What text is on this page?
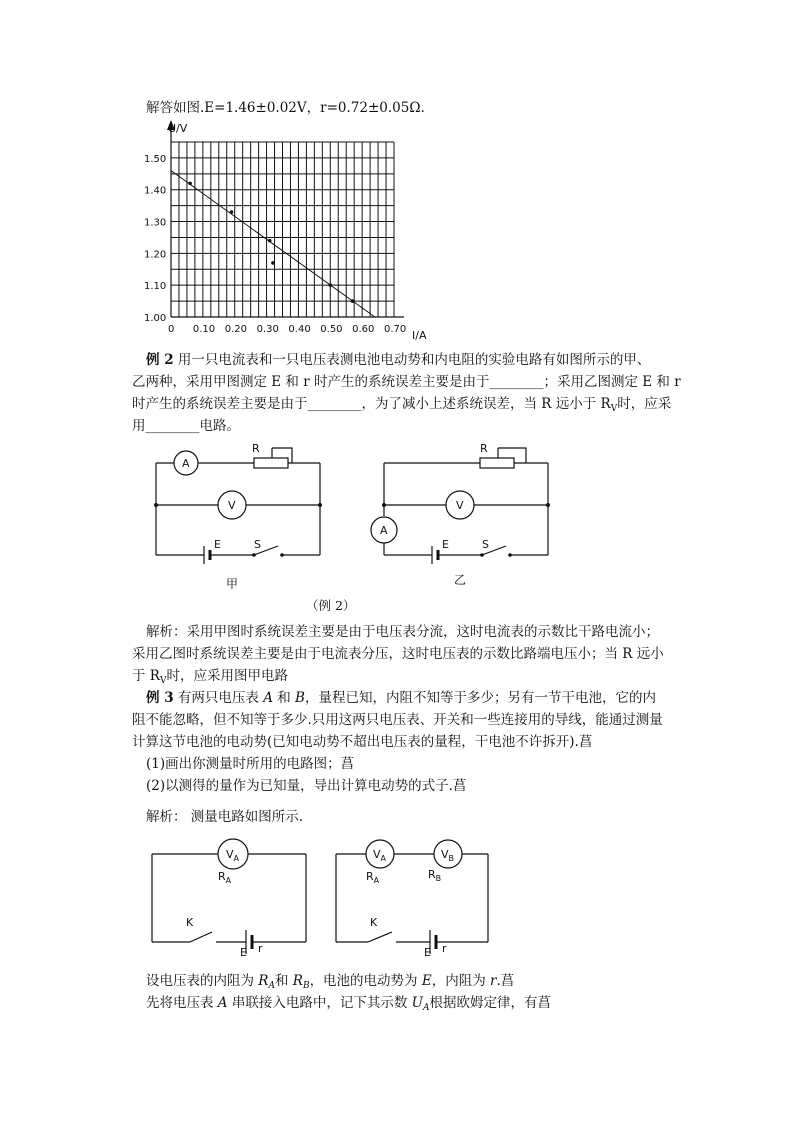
解答如图.E=1.46±0.02V，r=0.72±0.05Ω.
1.00
1.10
1.20
1.30
1.40
1.50
0 0.10 0.20 0.30 0.40 0.50 0.60 0.70
U/V
I/A
例 2 用一只电流表和一只电压表测电池电动势和内电阻的实验电路有如图所示的甲、
乙两种，采用甲图测定 E 和 r 时产生的系统误差主要是由于________；采用乙图测定 E 和 r
时产生的系统误差主要是由于________，为了减小上述系统误差，当 R 远小于 $R_V$时，应采
用________电路。
A
V
R
E	S
甲
A
V
R
E	S
乙
（例 2）
解析：采用甲图时系统误差主要是由于电压表分流，这时电流表的示数比干路电流小；
采用乙图时系统误差主要是由于电流表分压，这时电压表的示数比路端电压小；当 R 远小
于 $R_V$时，应采用图甲电路
例 3 有两只电压表 A 和 B，量程已知，内阻不知等于多少；另有一节干电池，它的内
阻不能忽略，但不知等于多少.只用这两只电压表、开关和一些连接用的导线，能通过测量
计算这节电池的电动势(已知电动势不超出电压表的量程，干电池不许拆开).菖
(1)画出你测量时所用的电路图；菖
(2)以测得的量作为已知量，导出计算电动势的式子.菖
解析： 测量电路如图所示.
$V_A$
$R_A$
K
E r
$V_A$	$V_B$
$R_A$	$R_B$
K
E r
设电压表的内阻为 $R_A$和 $R_B$，电池的电动势为 E，内阻为 r.菖
先将电压表 A 串联接入电路中，记下其示数 $U_A$根据欧姆定律，有菖
